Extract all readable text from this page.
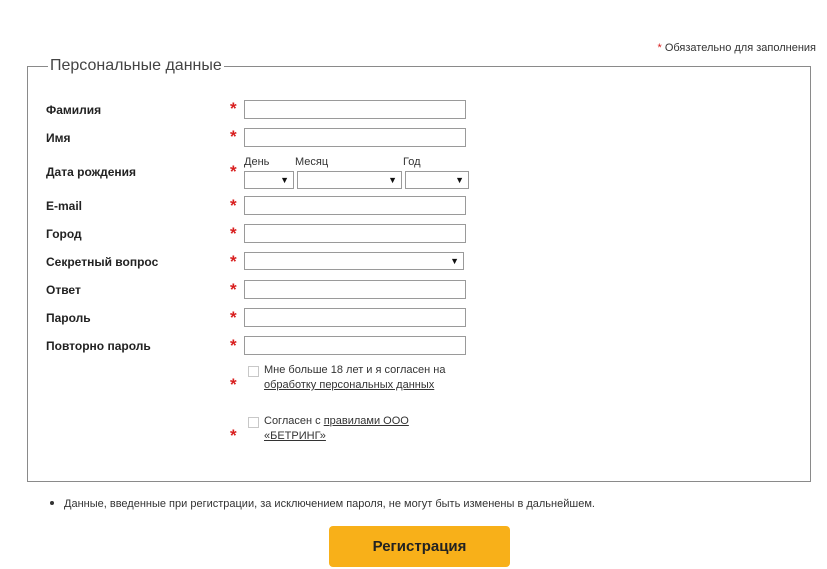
* Обязательно для заполнения
Персональные данные
Фамилия	*
Имя	*
Дата рождения	* День Месяц	Год
▼	▼	▼
E-mail	*
Город	*
Секретный вопрос	*	▼
Ответ	*
Пароль	*
Повторно пароль	*
*
Мне больше 18 лет и я согласен на
обработку персональных данных
*
Согласен с правилами ООО
«БЕТРИНГ»
Данные, введенные при регистрации, за исключением пароля, не могут быть изменены в дальнейшем.
Регистрация
